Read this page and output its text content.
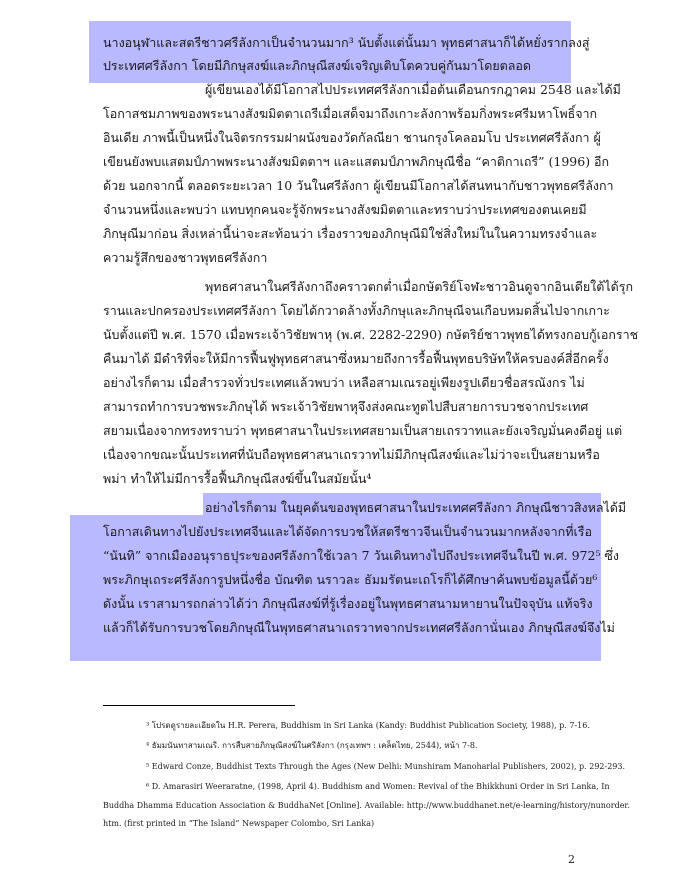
นางอนุฬาและสตรีชาวศรีลังกาเป็นจำนวนมาก³ นับตั้งแต่นั้นมา พุทธศาสนาก็ได้หยั่งรากลงสู่
ประเทศศรีลังกา โดยมีภิกษุสงฆ์และภิกษุณีสงฆ์เจริญเติบโตควบคู่กันมาโดยตลอด
ผู้เขียนเองได้มีโอกาสไปประเทศศรีลังกาเมื่อต้นเดือนกรกฎาคม 2548 และได้มี
โอกาสชมภาพของพระนางสังฆมิตตาเถรีเมื่อเสด็จมาถึงเกาะลังกาพร้อมกิ่งพระศรีมหาโพธิ์จาก
อินเดีย ภาพนี้เป็นหนึ่งในจิตรกรรมฝาผนังของวัดกัลณียา ชานกรุงโคลอมโบ ประเทศศรีลังกา ผู้
เขียนยังพบแสตมป์ภาพพระนางสังฆมิตตาฯ และแสตมป์ภาพภิกษุณีชื่อ “คาติกาเถรี” (1996) อีก
ด้วย นอกจากนี้ ตลอดระยะเวลา 10 วันในศรีลังกา ผู้เขียนมีโอกาสได้สนทนากับชาวพุทธศรีลังกา
จำนวนหนึ่งและพบว่า แทบทุกคนจะรู้จักพระนางสังฆมิตตาและทราบว่าประเทศของตนเคยมี
ภิกษุณีมาก่อน สิ่งเหล่านี้น่าจะสะท้อนว่า เรื่องราวของภิกษุณีมิใช่สิ่งใหม่ในในความทรงจำและ
ความรู้สึกของชาวพุทธศรีลังกา
พุทธศาสนาในศรีลังกาถึงคราวตกต่ำเมื่อกษัตริย์โจฬะชาวอินดูจากอินเดียใต้ได้รุก
รานและปกครองประเทศศรีลังกา โดยได้กวาดล้างทั้งภิกษุและภิกษุณีจนเกือบหมดสิ้นไปจากเกาะ
นับตั้งแต่ปี พ.ศ. 1570 เมื่อพระเจ้าวิชัยพาหุ (พ.ศ. 2282-2290) กษัตริย์ชาวพุทธได้ทรงกอบกู้เอกราช
คืนมาได้ มีดำริที่จะให้มีการฟื้นฟูพุทธศาสนาซึ่งหมายถึงการรื้อฟื้นพุทธบริษัทให้ครบองค์สี่อีกครั้ง
อย่างไรก็ตาม เมื่อสำรวจทั่วประเทศแล้วพบว่า เหลือสามเณรอยู่เพียงรูปเดียวชื่อสรณังกร ไม่
สามารถทำการบวชพระภิกษุได้ พระเจ้าวิชัยพาหุจึงส่งคณะทูตไปสืบสายการบวชจากประเทศ
สยามเนื่องจากทรงทราบว่า พุทธศาสนาในประเทศสยามเป็นสายเถรวาทและยังเจริญมั่นคงดีอยู่ แต่
เนื่องจากขณะนั้นประเทศที่นับถือพุทธศาสนาเถรวาทไม่มีภิกษุณีสงฆ์และไม่ว่าจะเป็นสยามหรือ
พม่า ทำให้ไม่มีการรื้อฟื้นภิกษุณีสงฆ์ขึ้นในสมัยนั้น⁴
อย่างไรก็ตาม ในยุคต้นของพุทธศาสนาในประเทศศรีลังกา ภิกษุณีชาวสิงหลได้มี
โอกาสเดินทางไปยังประเทศจีนและได้จัดการบวชให้สตรีชาวจีนเป็นจำนวนมากหลังจากที่เรือ
“นันทิ” จากเมืองอนุราธปุระของศรีลังกาใช้เวลา 7 วันเดินทางไปถึงประเทศจีนในปี พ.ศ. 972⁵ ซึ่ง
พระภิกษุเถระศรีลังการูปหนึ่งชื่อ บัณฑิต นราวละ ธัมมรัตนะเถโรก็ได้ศึกษาค้นพบข้อมูลนี้ด้วย⁶
ดังนั้น เราสามารถกล่าวได้ว่า ภิกษุณีสงฆ์ที่รู้เรื่องอยู่ในพุทธศาสนามหายานในปัจจุบัน แท้จริง
แล้วก็ได้รับการบวชโดยภิกษุณีในพุทธศาสนาเถรวาทจากประเทศศรีลังกานั่นเอง ภิกษุณีสงฆ์จึงไม่
³ โปรดดูรายละเอียดใน H.R. Perera, Buddhism in Sri Lanka (Kandy: Buddhist Publication Society, 1988), p. 7-16.
⁴ ธัมมนันทาสามเณรี. การสืบสายภิกษุณีสงฆ์ในศรีลังกา (กรุงเทพฯ : เคล็ดไทย, 2544), หน้า 7-8.
⁵ Edward Conze, Buddhist Texts Through the Ages (New Delhi: Munshiram Manoharlal Publishers, 2002), p. 292-293.
⁶ D. Amarasiri Weeraratne, (1998, April 4). Buddhism and Women: Revival of the Bhikkhuni Order in Sri Lanka, In
Buddha Dhamma Education Association & BuddhaNet [Online]. Available: http://www.buddhanet.net/e-learning/history/nunorder.
htm. (first printed in “The Island” Newspaper Colombo, Sri Lanka)
2
